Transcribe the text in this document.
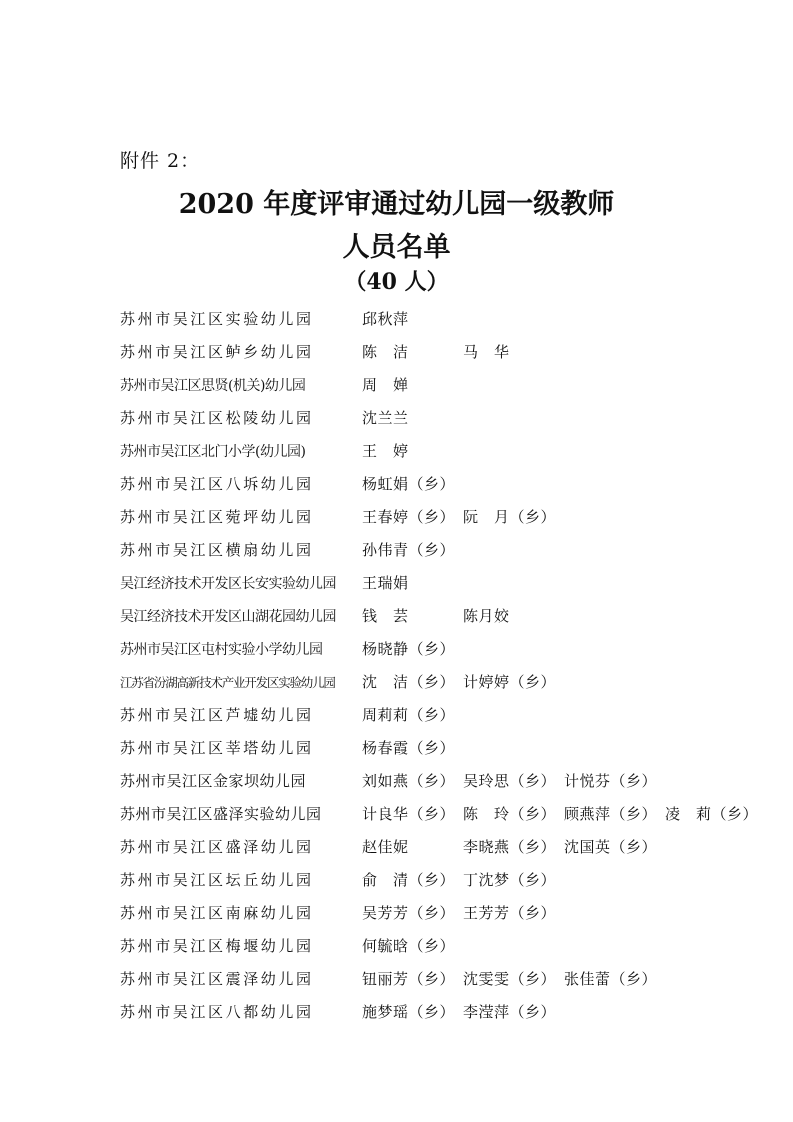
附件 2：
2020 年度评审通过幼儿园一级教师
人员名单
（40 人）
苏州市吴江区实验幼儿园	邱秋萍
苏州市吴江区鲈乡幼儿园	陈　洁	马　华
苏州市吴江区思贤(机关)幼儿园	周　婵
苏州市吴江区松陵幼儿园	沈兰兰
苏州市吴江区北门小学(幼儿园)	王　婷
苏州市吴江区八坼幼儿园	杨虹娟（乡）
苏州市吴江区菀坪幼儿园	王春婷（乡） 阮　月（乡）
苏州市吴江区横扇幼儿园	孙伟青（乡）
吴江经济技术开发区长安实验幼儿园	王瑞娟
吴江经济技术开发区山湖花园幼儿园	钱　芸	陈月姣
苏州市吴江区屯村实验小学幼儿园	杨晓静（乡）
江苏省汾湖高新技术产业开发区实验幼儿园	沈　洁（乡） 计婷婷（乡）
苏州市吴江区芦墟幼儿园	周莉莉（乡）
苏州市吴江区莘塔幼儿园	杨春霞（乡）
苏州市吴江区金家坝幼儿园	刘如燕（乡） 吴玲思（乡） 计悦芬（乡）
苏州市吴江区盛泽实验幼儿园	计良华（乡） 陈　玲（乡） 顾燕萍（乡） 凌　莉（乡）
苏州市吴江区盛泽幼儿园	赵佳妮	李晓燕（乡） 沈国英（乡）
苏州市吴江区坛丘幼儿园	俞　清（乡） 丁沈梦（乡）
苏州市吴江区南麻幼儿园	吴芳芳（乡） 王芳芳（乡）
苏州市吴江区梅堰幼儿园	何毓晗（乡）
苏州市吴江区震泽幼儿园	钮丽芳（乡） 沈雯雯（乡） 张佳蕾（乡）
苏州市吴江区八都幼儿园	施梦瑶（乡） 李滢萍（乡）
